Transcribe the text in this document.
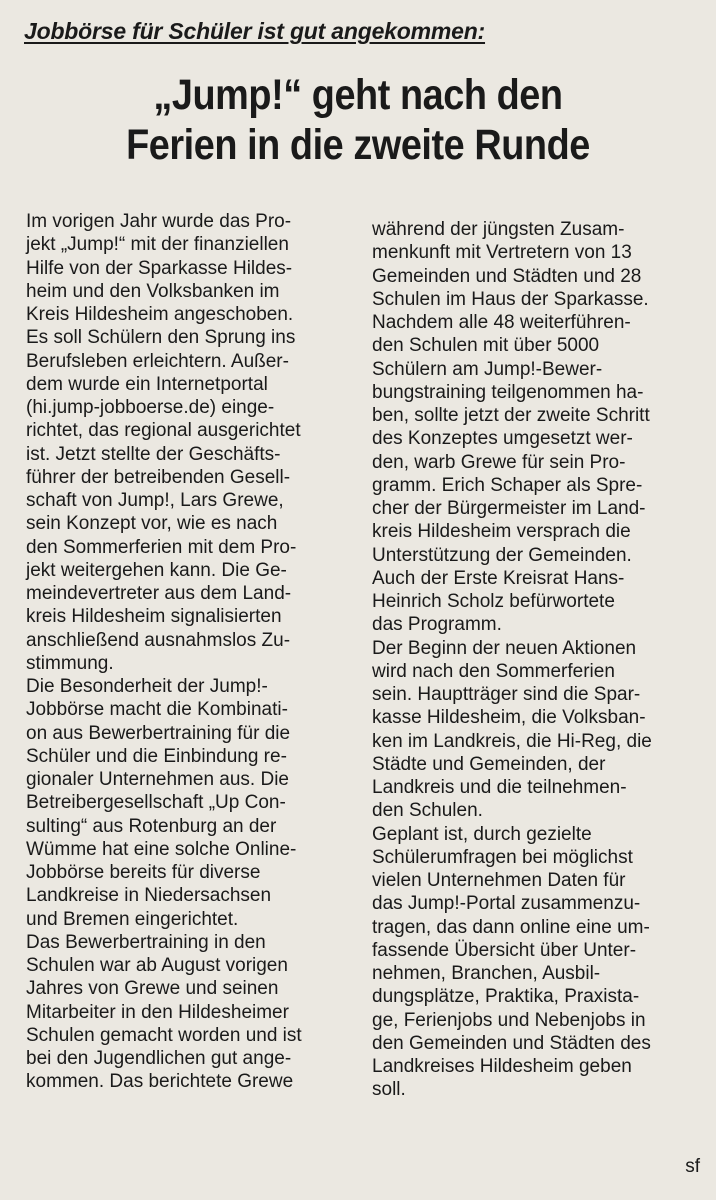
Jobbörse für Schüler ist gut angekommen:
„Jump!“ geht nach den
Ferien in die zweite Runde

Im vorigen Jahr wurde das Pro-
jekt „Jump!“ mit der finanziellen
Hilfe von der Sparkasse Hildes-
heim und den Volksbanken im
Kreis Hildesheim angeschoben.
Es soll Schülern den Sprung ins
Berufsleben erleichtern. Außer-
dem wurde ein Internetportal
(hi.jump-jobboerse.de) einge-
richtet, das regional ausgerichtet
ist. Jetzt stellte der Geschäfts-
führer der betreibenden Gesell-
schaft von Jump!, Lars Grewe,
sein Konzept vor, wie es nach
den Sommerferien mit dem Pro-
jekt weitergehen kann. Die Ge-
meindevertreter aus dem Land-
kreis Hildesheim signalisierten
anschließend ausnahmslos Zu-
stimmung.

Die Besonderheit der Jump!-
Jobbörse macht die Kombinati-
on aus Bewerbertraining für die
Schüler und die Einbindung re-
gionaler Unternehmen aus. Die
Betreibergesellschaft „Up Con-
sulting“ aus Rotenburg an der
Wümme hat eine solche Online-
Jobbörse bereits für diverse
Landkreise in Niedersachsen
und Bremen eingerichtet.

Das Bewerbertraining in den
Schulen war ab August vorigen
Jahres von Grewe und seinen
Mitarbeiter in den Hildesheimer
Schulen gemacht worden und ist
bei den Jugendlichen gut ange-
kommen. Das berichtete Grewe

während der jüngsten Zusam-
menkunft mit Vertretern von 13
Gemeinden und Städten und 28
Schulen im Haus der Sparkasse.

Nachdem alle 48 weiterführen-
den Schulen mit über 5000
Schülern am Jump!-Bewer-
bungstraining teilgenommen ha-
ben, sollte jetzt der zweite Schritt
des Konzeptes umgesetzt wer-
den, warb Grewe für sein Pro-
gramm. Erich Schaper als Spre-
cher der Bürgermeister im Land-
kreis Hildesheim versprach die
Unterstützung der Gemeinden.
Auch der Erste Kreisrat Hans-
Heinrich Scholz befürwortete
das Programm.

Der Beginn der neuen Aktionen
wird nach den Sommerferien
sein. Hauptträger sind die Spar-
kasse Hildesheim, die Volksban-
ken im Landkreis, die Hi-Reg, die
Städte und Gemeinden, der
Landkreis und die teilnehmen-
den Schulen.

Geplant ist, durch gezielte
Schülerumfragen bei möglichst
vielen Unternehmen Daten für
das Jump!-Portal zusammenzu-
tragen, das dann online eine um-
fassende Übersicht über Unter-
nehmen, Branchen, Ausbil-
dungsplätze, Praktika, Praxista-
ge, Ferienjobs und Nebenjobs in
den Gemeinden und Städten des
Landkreises Hildesheim geben
soll.

sf
